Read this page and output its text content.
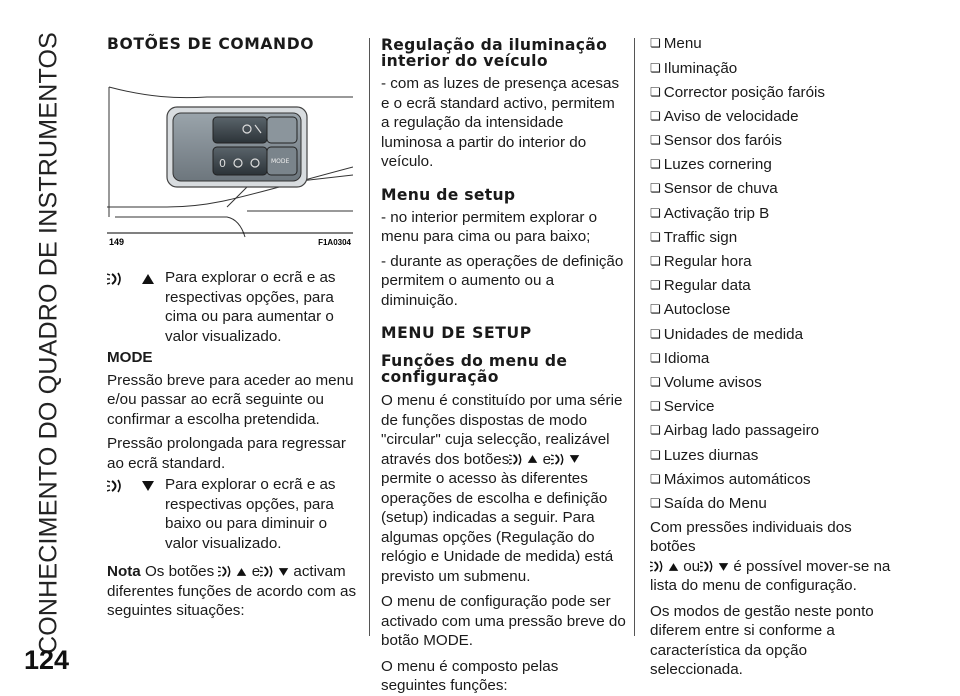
CONHECIMENTO DO QUADRO DE INSTRUMENTOS
124
BOTÕES DE COMANDO
0	MODE
149	F1A0304

Para explorar o ecrã e as respectivas opções, para cima ou para aumentar o valor visualizado.

MODE

Pressão breve para aceder ao menu e/ou passar ao ecrã seguinte ou confirmar a escolha pretendida.

Pressão prolongada para regressar ao ecrã standard.

Para explorar o ecrã e as respectivas opções, para baixo ou para diminuir o valor visualizado.

Nota Os botões e activam diferentes funções de acordo com as seguintes situações:

Regulação da iluminação interior do veículo

- com as luzes de presença acesas e o ecrã standard activo, permitem a regulação da intensidade luminosa a partir do interior do veículo.

Menu de setup

- no interior permitem explorar o menu para cima ou para baixo;

- durante as operações de definição permitem o aumento ou a diminuição.

MENU DE SETUP
Funções do menu de configuração

O menu é constituído por uma série de funções dispostas de modo "circular" cuja selecção, realizável através dos botões e permite o acesso às diferentes operações de escolha e definição (setup) indicadas a seguir. Para algumas opções (Regulação do relógio e Unidade de medida) está previsto um submenu.

O menu de configuração pode ser activado com uma pressão breve do botão MODE.

O menu é composto pelas seguintes funções:

❏ Menu
❏ Iluminação
❏ Corrector posição faróis
❏ Aviso de velocidade
❏ Sensor dos faróis
❏ Luzes cornering
❏ Sensor de chuva
❏ Activação trip B
❏ Traffic sign
❏ Regular hora
❏ Regular data
❏ Autoclose
❏ Unidades de medida
❏ Idioma
❏ Volume avisos
❏ Service
❏ Airbag lado passageiro
❏ Luzes diurnas
❏ Máximos automáticos
❏ Saída do Menu

Com pressões individuais dos botões
ou é possível mover-se na lista do menu de configuração.

Os modos de gestão neste ponto diferem entre si conforme a característica da opção seleccionada.
